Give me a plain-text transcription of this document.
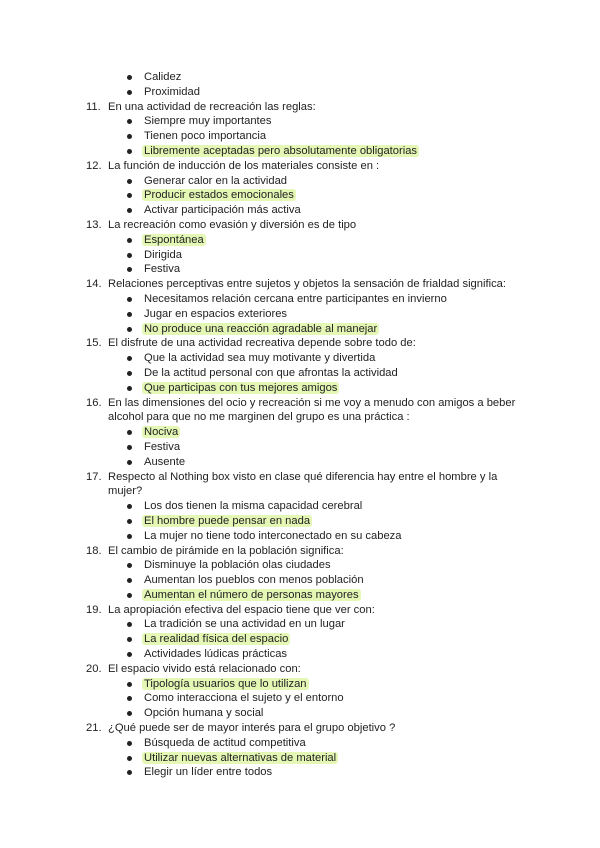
Calidez
Proximidad
11. En una actividad de recreación las reglas:
Siempre muy importantes
Tienen poco importancia
Libremente aceptadas pero absolutamente obligatorias
12. La función de inducción de los materiales consiste en :
Generar calor en la actividad
Producir estados emocionales
Activar participación más activa
13. La recreación como evasión y diversión es de tipo
Espontánea
Dirigida
Festiva
14. Relaciones perceptivas entre sujetos y objetos la sensación de frialdad significa:
Necesitamos relación cercana entre participantes en invierno
Jugar en espacios exteriores
No produce una reacción agradable al manejar
15. El disfrute de una actividad recreativa depende sobre todo de:
Que la actividad sea muy motivante y divertida
De la actitud personal con que afrontas la actividad
Que participas con tus mejores amigos
16. En las dimensiones del ocio y recreación si me voy a menudo con amigos a beber alcohol para que no me marginen del grupo es una práctica :
Nociva
Festiva
Ausente
17. Respecto al Nothing box visto en clase qué diferencia hay entre el hombre y la mujer?
Los dos tienen la misma capacidad cerebral
El hombre puede pensar en nada
La mujer no tiene todo interconectado en su cabeza
18. El cambio de pirámide en la población significa:
Disminuye la población olas ciudades
Aumentan los pueblos con menos población
Aumentan el número de personas mayores
19. La apropiación efectiva del espacio tiene que ver con:
La tradición se una actividad en un lugar
La realidad física del espacio
Actividades lúdicas prácticas
20. El espacio vivido está relacionado con:
Tipología usuarios que lo utilizan
Como interacciona el sujeto y el entorno
Opción humana y social
21. ¿Qué puede ser de mayor interés para el grupo objetivo ?
Búsqueda de actitud competitiva
Utilizar nuevas alternativas de material
Elegir un líder entre todos
